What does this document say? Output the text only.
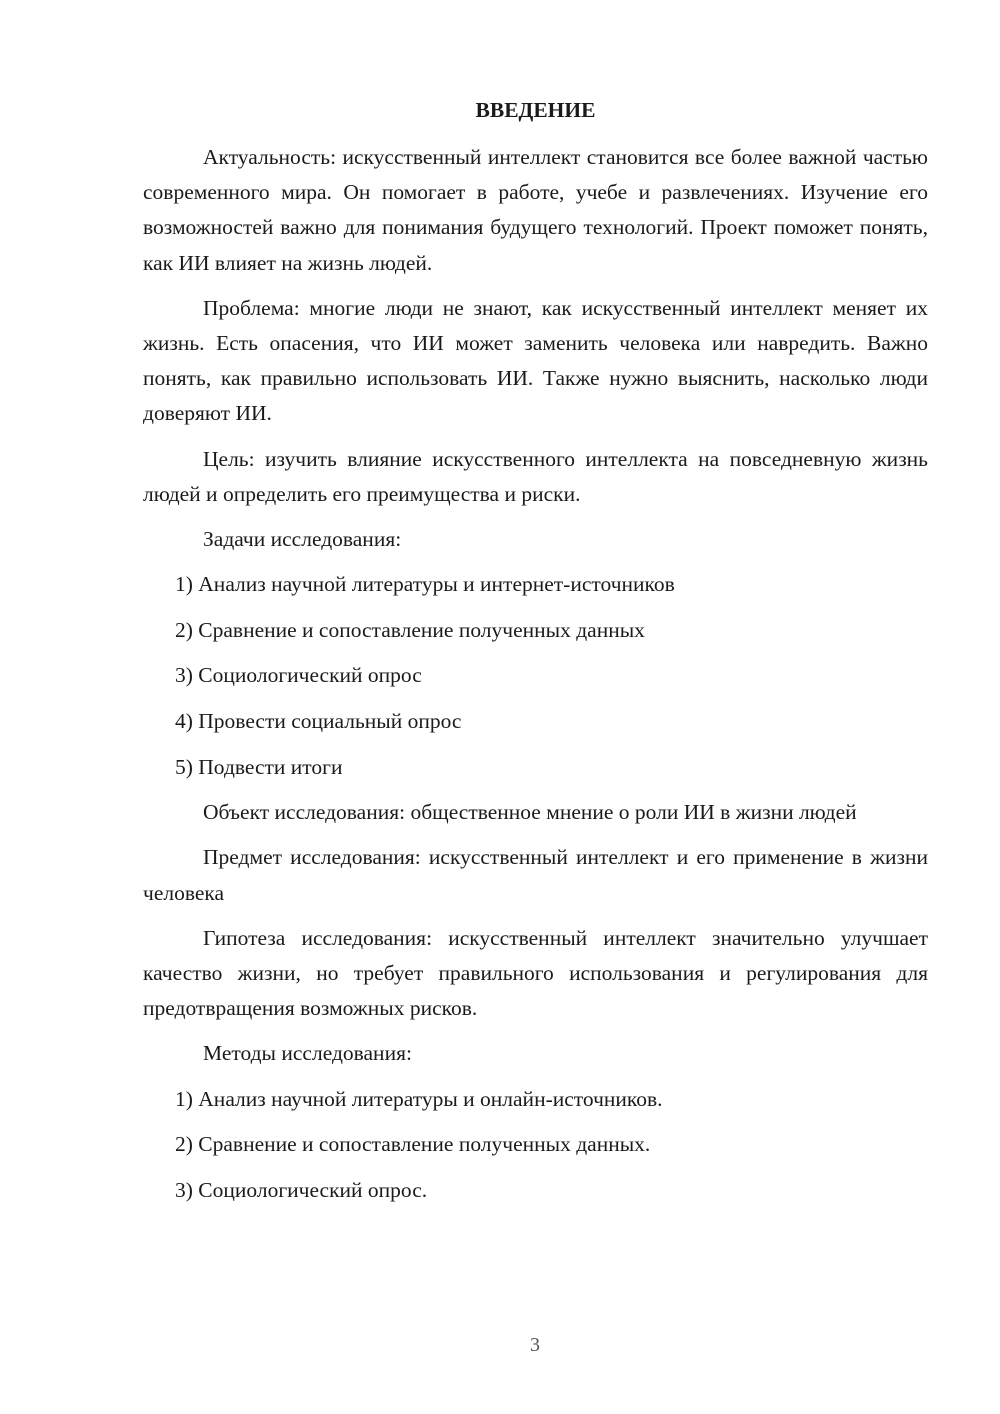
ВВЕДЕНИЕ

Актуальность: искусственный интеллект становится все более важной частью современного мира. Он помогает в работе, учебе и развлечениях. Изучение его возможностей важно для понимания будущего технологий. Проект поможет понять, как ИИ влияет на жизнь людей.

Проблема: многие люди не знают, как искусственный интеллект меняет их жизнь. Есть опасения, что ИИ может заменить человека или навредить. Важно понять, как правильно использовать ИИ. Также нужно выяснить, насколько люди доверяют ИИ.

Цель: изучить влияние искусственного интеллекта на повседневную жизнь людей и определить его преимущества и риски.

Задачи исследования:

1) Анализ научной литературы и интернет-источников

2) Сравнение и сопоставление полученных данных

3) Социологический опрос

4) Провести социальный опрос

5) Подвести итоги

Объект исследования: общественное мнение о роли ИИ в жизни людей

Предмет исследования: искусственный интеллект и его применение в жизни человека

Гипотеза исследования: искусственный интеллект значительно улучшает качество жизни, но требует правильного использования и регулирования для предотвращения возможных рисков.

Методы исследования:

1) Анализ научной литературы и онлайн-источников.

2) Сравнение и сопоставление полученных данных.

3) Социологический опрос.

3
